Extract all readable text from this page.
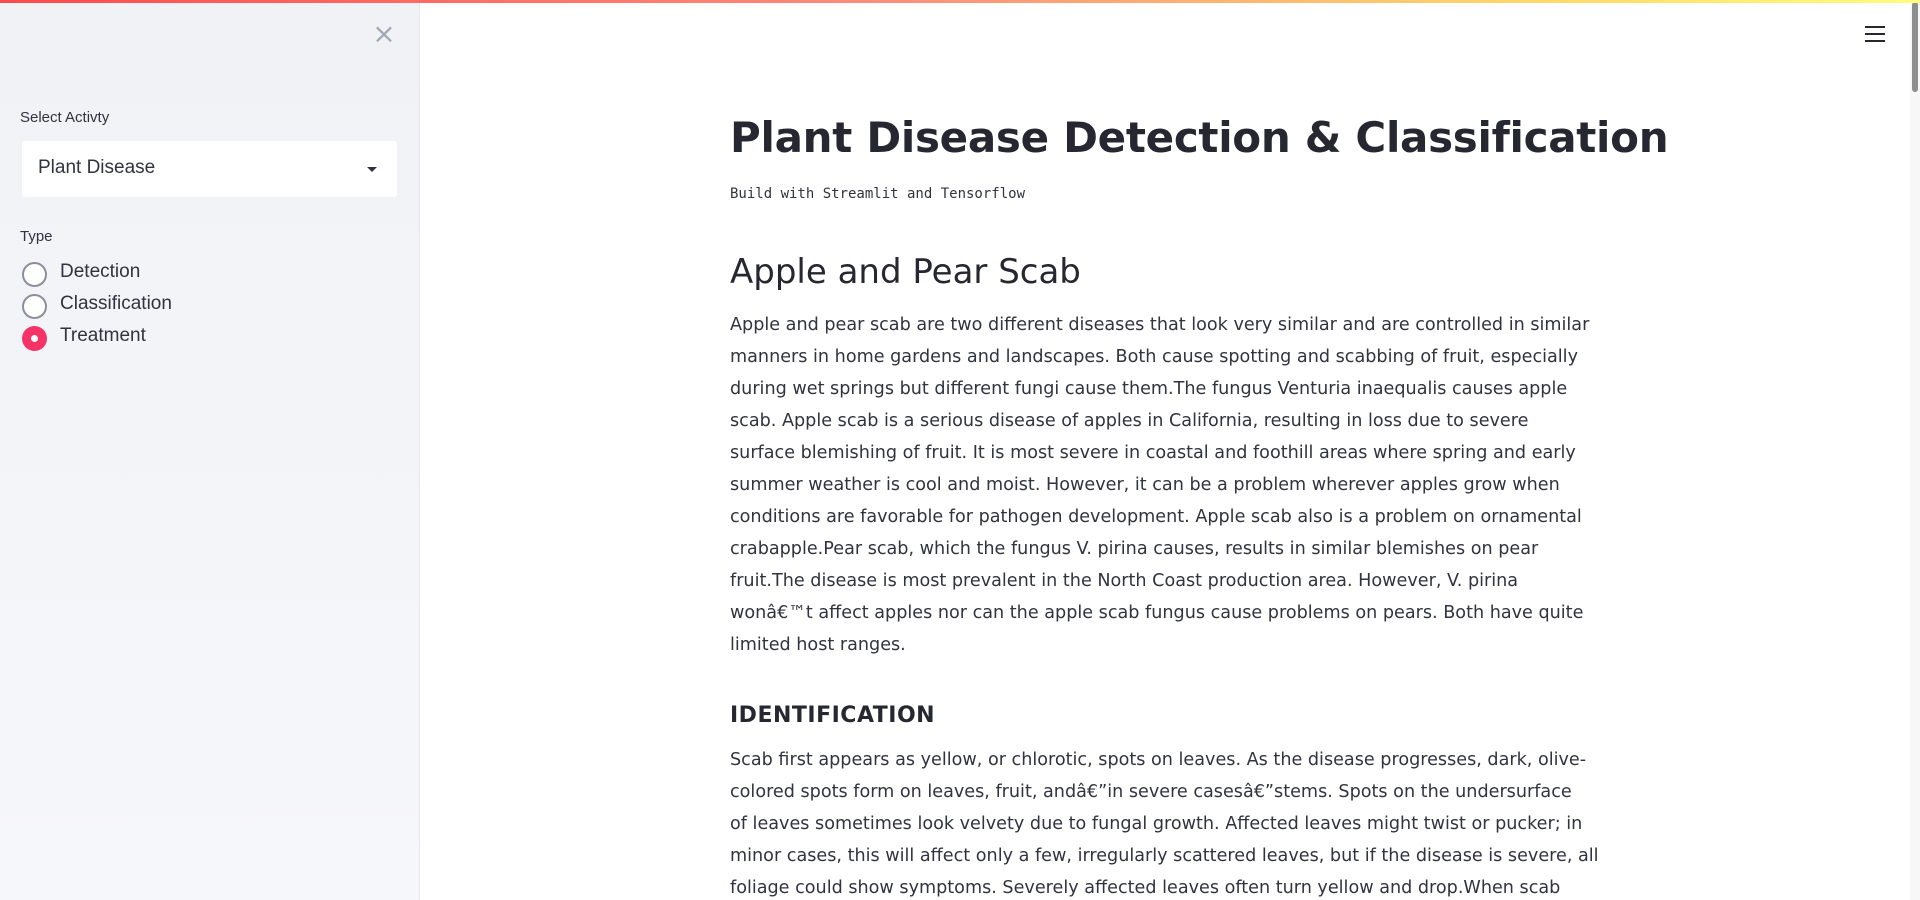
×
Select Activty
Plant Disease
Type
Detection
Classification
Treatment
Plant Disease Detection & Classification
Build with Streamlit and Tensorflow
Apple and Pear Scab
Apple and pear scab are two different diseases that look very similar and are controlled in similar
manners in home gardens and landscapes. Both cause spotting and scabbing of fruit, especially
during wet springs but different fungi cause them.The fungus Venturia inaequalis causes apple
scab. Apple scab is a serious disease of apples in California, resulting in loss due to severe
surface blemishing of fruit. It is most severe in coastal and foothill areas where spring and early
summer weather is cool and moist. However, it can be a problem wherever apples grow when
conditions are favorable for pathogen development. Apple scab also is a problem on ornamental
crabapple.Pear scab, which the fungus V. pirina causes, results in similar blemishes on pear
fruit.The disease is most prevalent in the North Coast production area. However, V. pirina
wonâ€™t affect apples nor can the apple scab fungus cause problems on pears. Both have quite
limited host ranges.
IDENTIFICATION
Scab first appears as yellow, or chlorotic, spots on leaves. As the disease progresses, dark, olive-
colored spots form on leaves, fruit, andâ€”in severe casesâ€”stems. Spots on the undersurface
of leaves sometimes look velvety due to fungal growth. Affected leaves might twist or pucker; in
minor cases, this will affect only a few, irregularly scattered leaves, but if the disease is severe, all
foliage could show symptoms. Severely affected leaves often turn yellow and drop.When scab
